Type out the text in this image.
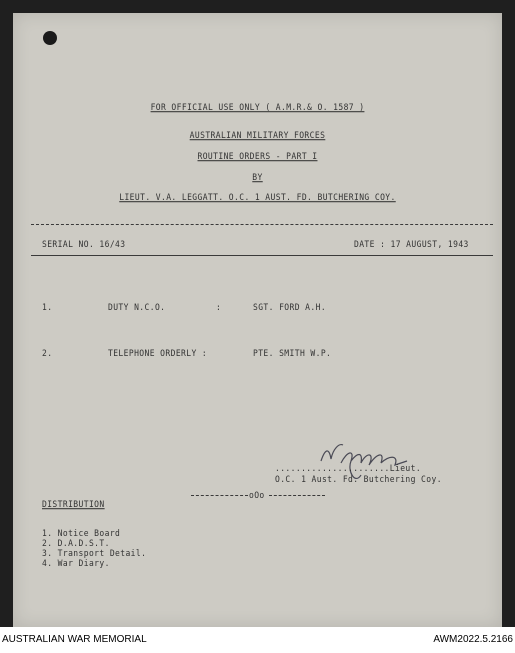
FOR OFFICIAL USE ONLY ( A.M.R.& O. 1587 )
AUSTRALIAN MILITARY FORCES
ROUTINE ORDERS - PART I
BY
LIEUT. V.A. LEGGATT. O.C. 1 AUST. FD. BUTCHERING COY.
SERIAL NO. 16/43	DATE : 17 AUGUST, 1943
1.	DUTY N.C.O.	:	SGT. FORD A.H.
2.	TELEPHONE ORDERLY :	PTE. SMITH W.P.
......................Lieut.
O.C. 1 Aust. Fd. Butchering Coy.
oOo
DISTRIBUTION
1. Notice Board
2. D.A.D.S.T.
3. Transport Detail.
4. War Diary.
AUSTRALIAN WAR MEMORIAL	AWM2022.5.2166
